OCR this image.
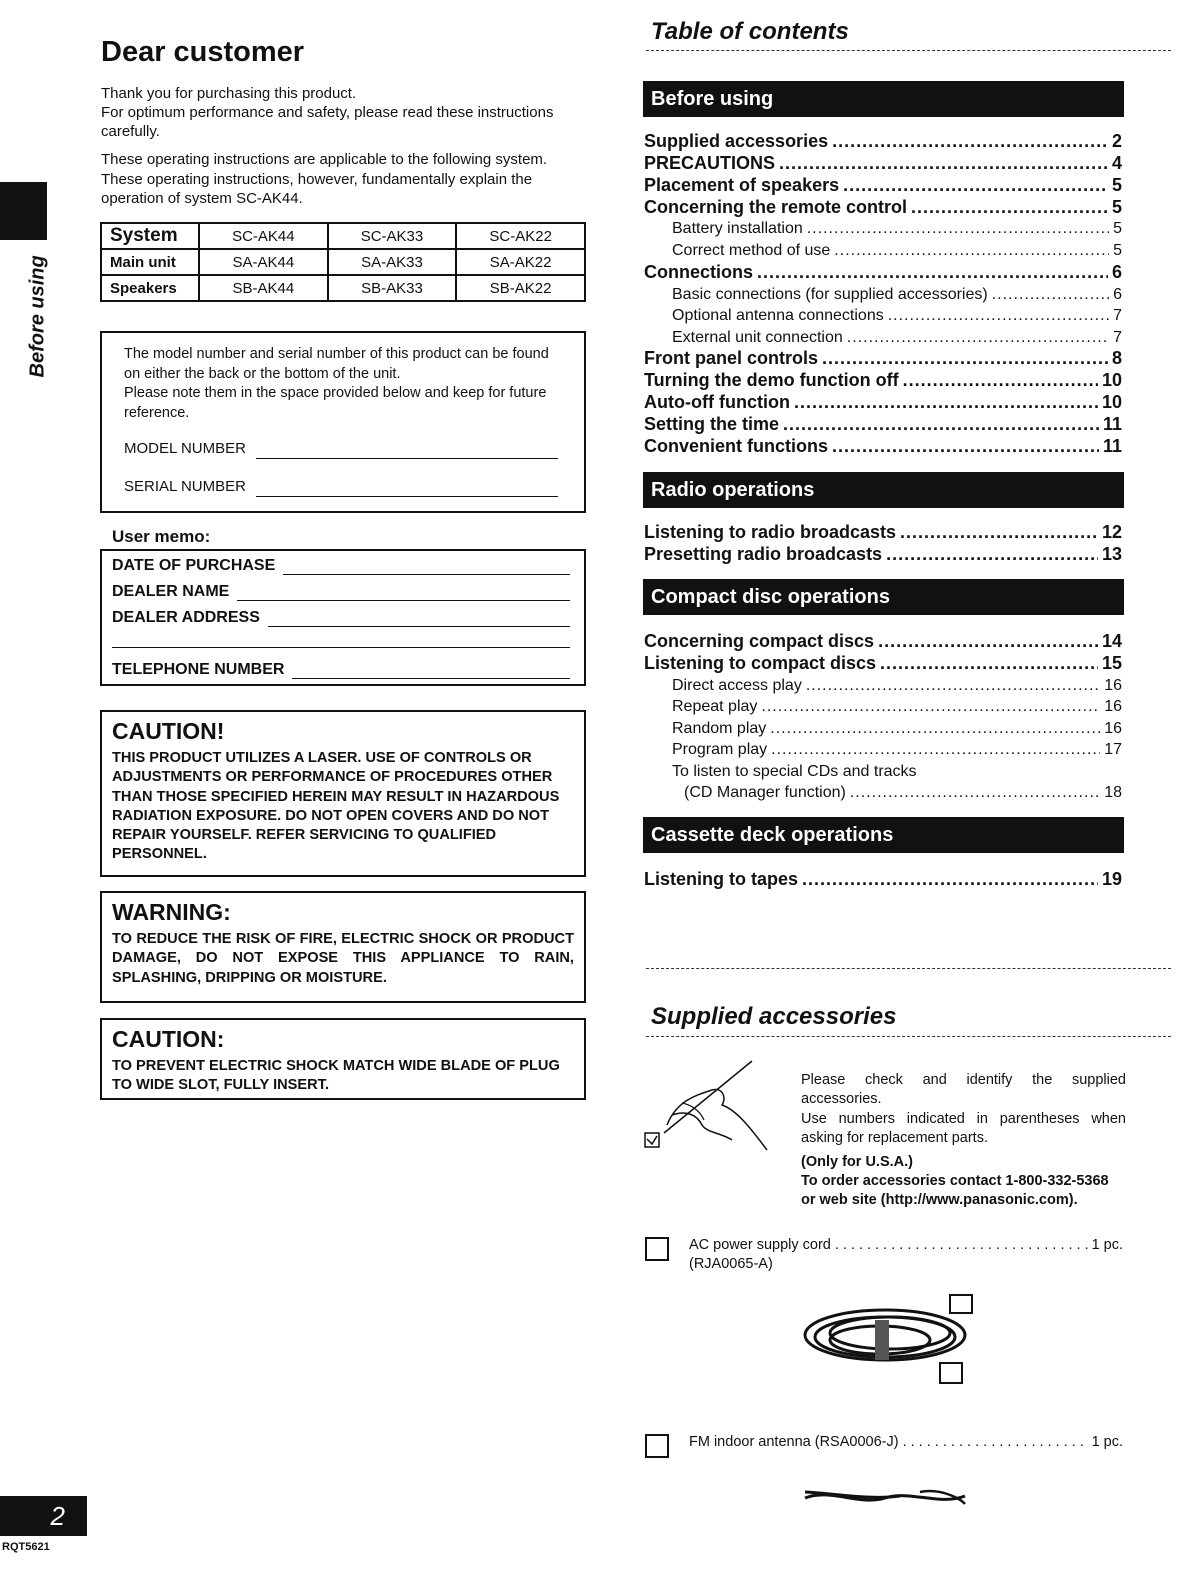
Before using
Dear customer
Thank you for purchasing this product.
For optimum performance and safety, please read these instructions carefully.
These operating instructions are applicable to the following system.
These operating instructions, however, fundamentally explain the operation of system SC-AK44.
System	SC-AK44	SC-AK33	SC-AK22
Main unit	SA-AK44	SA-AK33	SA-AK22
Speakers	SB-AK44	SB-AK33	SB-AK22
The model number and serial number of this product can be found on either the back or the bottom of the unit.
Please note them in the space provided below and keep for future reference.
MODEL NUMBER
SERIAL NUMBER
User memo:
DATE OF PURCHASE
DEALER NAME
DEALER ADDRESS
TELEPHONE NUMBER
CAUTION!
THIS PRODUCT UTILIZES A LASER. USE OF CONTROLS OR ADJUSTMENTS OR PERFORMANCE OF PROCEDURES OTHER THAN THOSE SPECIFIED HEREIN MAY RESULT IN HAZARDOUS RADIATION EXPOSURE. DO NOT OPEN COVERS AND DO NOT REPAIR YOURSELF. REFER SERVICING TO QUALIFIED PERSONNEL.
WARNING:
TO REDUCE THE RISK OF FIRE, ELECTRIC SHOCK OR PRODUCT DAMAGE, DO NOT EXPOSE THIS APPLIANCE TO RAIN, SPLASHING, DRIPPING OR MOISTURE.
CAUTION:
TO PREVENT ELECTRIC SHOCK MATCH WIDE BLADE OF PLUG TO WIDE SLOT, FULLY INSERT.
Table of contents
Before using
Supplied accessories .....	2
PRECAUTIONS .....	4
Placement of speakers .....	5
Concerning the remote control .....	5
Battery installation .....	5
Correct method of use .....	5
Connections .....	6
Basic connections (for supplied accessories) .....	6
Optional antenna connections .....	7
External unit connection .....	7
Front panel controls .....	8
Turning the demo function off .....	10
Auto-off function .....	10
Setting the time .....	11
Convenient functions .....	11
Radio operations
Listening to radio broadcasts .....	12
Presetting radio broadcasts .....	13
Compact disc operations
Concerning compact discs .....	14
Listening to compact discs .....	15
Direct access play .....	16
Repeat play .....	16
Random play .....	16
Program play .....	17
To listen to special CDs and tracks
(CD Manager function) .....	18
Cassette deck operations
Listening to tapes .....	19
Supplied accessories
Please check and identify the supplied accessories.
Use numbers indicated in parentheses when asking for replacement parts.
(Only for U.S.A.)
To order accessories contact 1-800-332-5368 or web site (http://www.panasonic.com).
AC power supply cord . . .	1 pc.
(RJA0065-A)
FM indoor antenna (RSA0006-J) . . .	1 pc.
2
RQT5621
